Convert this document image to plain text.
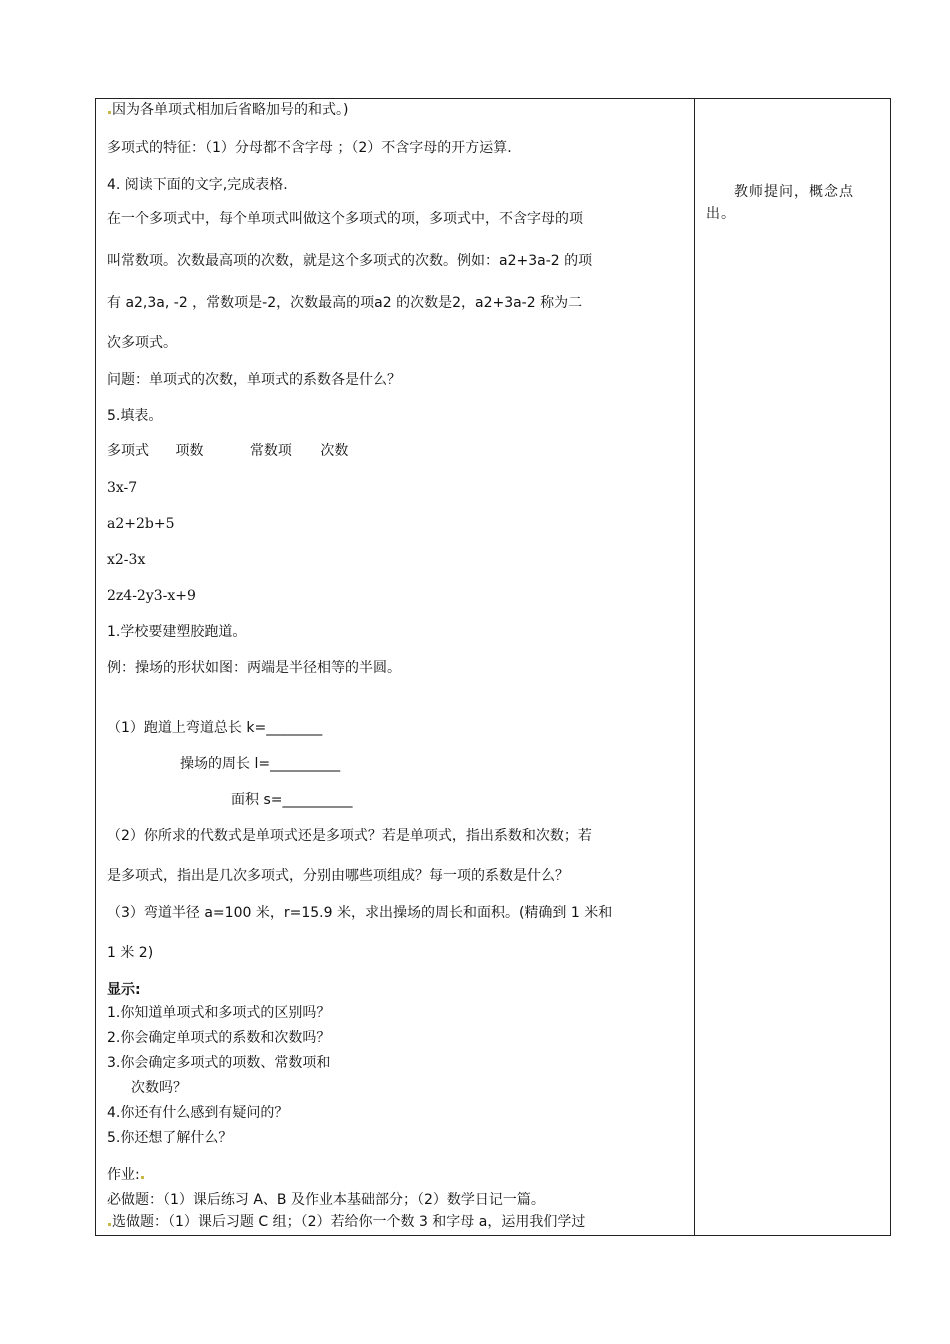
因为各单项式相加后省略加号的和式。)
多项式的特征：（1）分母都不含字母 ；（2）不含字母的开方运算.
4. 阅读下面的文字,完成表格.
在一个多项式中，每个单项式叫做这个多项式的项，多项式中，不含字母的项
叫常数项。次数最高项的次数，就是这个多项式的次数。例如：a2+3a-2 的项
有 a2,3a, -2 ，常数项是-2，次数最高的项a2 的次数是2，a2+3a-2 称为二
次多项式。
问题：单项式的次数，单项式的系数各是什么？
5.填表。
多项式 项数	常数项 次数
3x-7
a2+2b+5
x2-3x
2z4-2y3-x+9
1.学校要建塑胶跑道。
例：操场的形状如图：两端是半径相等的半圆。
（1）跑道上弯道总长 k=________
操场的周长 l=__________
面积 s=__________
（2）你所求的代数式是单项式还是多项式？若是单项式，指出系数和次数；若
是多项式，指出是几次多项式，分别由哪些项组成？每一项的系数是什么？
（3）弯道半径 a=100 米，r=15.9 米，求出操场的周长和面积。(精确到 1 米和
1 米 2)
显示:
1.你知道单项式和多项式的区别吗？
2.你会确定单项式的系数和次数吗？
3.你会确定多项式的项数、常数项和
次数吗？
4.你还有什么感到有疑问的？
5.你还想了解什么？
作业:
必做题：（1）课后练习 A、B 及作业本基础部分；（2）数学日记一篇。
选做题：（1）课后习题 C 组；（2）若给你一个数 3 和字母 a，运用我们学过
教师提问，概念点出。
